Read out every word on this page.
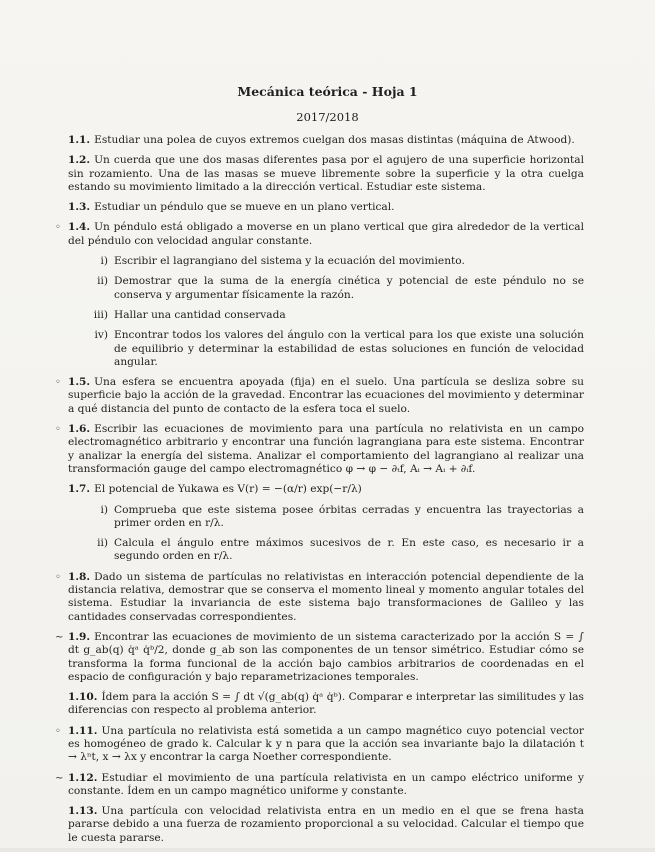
Mecánica teórica - Hoja 1
2017/2018
1.1. Estudiar una polea de cuyos extremos cuelgan dos masas distintas (máquina de Atwood).
1.2. Un cuerda que une dos masas diferentes pasa por el agujero de una superficie horizontal sin rozamiento. Una de las masas se mueve libremente sobre la superficie y la otra cuelga estando su movimiento limitado a la dirección vertical. Estudiar este sistema.
1.3. Estudiar un péndulo que se mueve en un plano vertical.
◦ 1.4. Un péndulo está obligado a moverse en un plano vertical que gira alrededor de la vertical del péndulo con velocidad angular constante.
i) Escribir el lagrangiano del sistema y la ecuación del movimiento.
ii) Demostrar que la suma de la energía cinética y potencial de este péndulo no se conserva y argumentar físicamente la razón.
iii) Hallar una cantidad conservada
iv) Encontrar todos los valores del ángulo con la vertical para los que existe una solución de equilibrio y determinar la estabilidad de estas soluciones en función de velocidad angular.
◦ 1.5. Una esfera se encuentra apoyada (fija) en el suelo. Una partícula se desliza sobre su superficie bajo la acción de la gravedad. Encontrar las ecuaciones del movimiento y determinar a qué distancia del punto de contacto de la esfera toca el suelo.
◦ 1.6. Escribir las ecuaciones de movimiento para una partícula no relativista en un campo electromagnético arbitrario y encontrar una función lagrangiana para este sistema. Encontrar y analizar la energía del sistema. Analizar el comportamiento del lagrangiano al realizar una transformación gauge del campo electromagnético φ → φ − ∂ₜf, Aᵢ → Aᵢ + ∂ᵢf.
1.7. El potencial de Yukawa es V(r) = −(α/r) exp(−r/λ)
i) Comprueba que este sistema posee órbitas cerradas y encuentra las trayectorias a primer orden en r/λ.
ii) Calcula el ángulo entre máximos sucesivos de r. En este caso, es necesario ir a segundo orden en r/λ.
◦ 1.8. Dado un sistema de partículas no relativistas en interacción potencial dependiente de la distancia relativa, demostrar que se conserva el momento lineal y momento angular totales del sistema. Estudiar la invariancia de este sistema bajo transformaciones de Galileo y las cantidades conservadas correspondientes.
∼ 1.9. Encontrar las ecuaciones de movimiento de un sistema caracterizado por la acción S = ∫ dt g_ab(q) q̇ᵃ q̇ᵇ/2, donde g_ab son las componentes de un tensor simétrico. Estudiar cómo se transforma la forma funcional de la acción bajo cambios arbitrarios de coordenadas en el espacio de configuración y bajo reparametrizaciones temporales.
1.10. Ídem para la acción S = ∫ dt √(g_ab(q) q̇ᵃ q̇ᵇ). Comparar e interpretar las similitudes y las diferencias con respecto al problema anterior.
◦ 1.11. Una partícula no relativista está sometida a un campo magnético cuyo potencial vector es homogéneo de grado k. Calcular k y n para que la acción sea invariante bajo la dilatación t → λⁿt, x → λx y encontrar la carga Noether correspondiente.
∼ 1.12. Estudiar el movimiento de una partícula relativista en un campo eléctrico uniforme y constante. Ídem en un campo magnético uniforme y constante.
1.13. Una partícula con velocidad relativista entra en un medio en el que se frena hasta pararse debido a una fuerza de rozamiento proporcional a su velocidad. Calcular el tiempo que le cuesta pararse.
